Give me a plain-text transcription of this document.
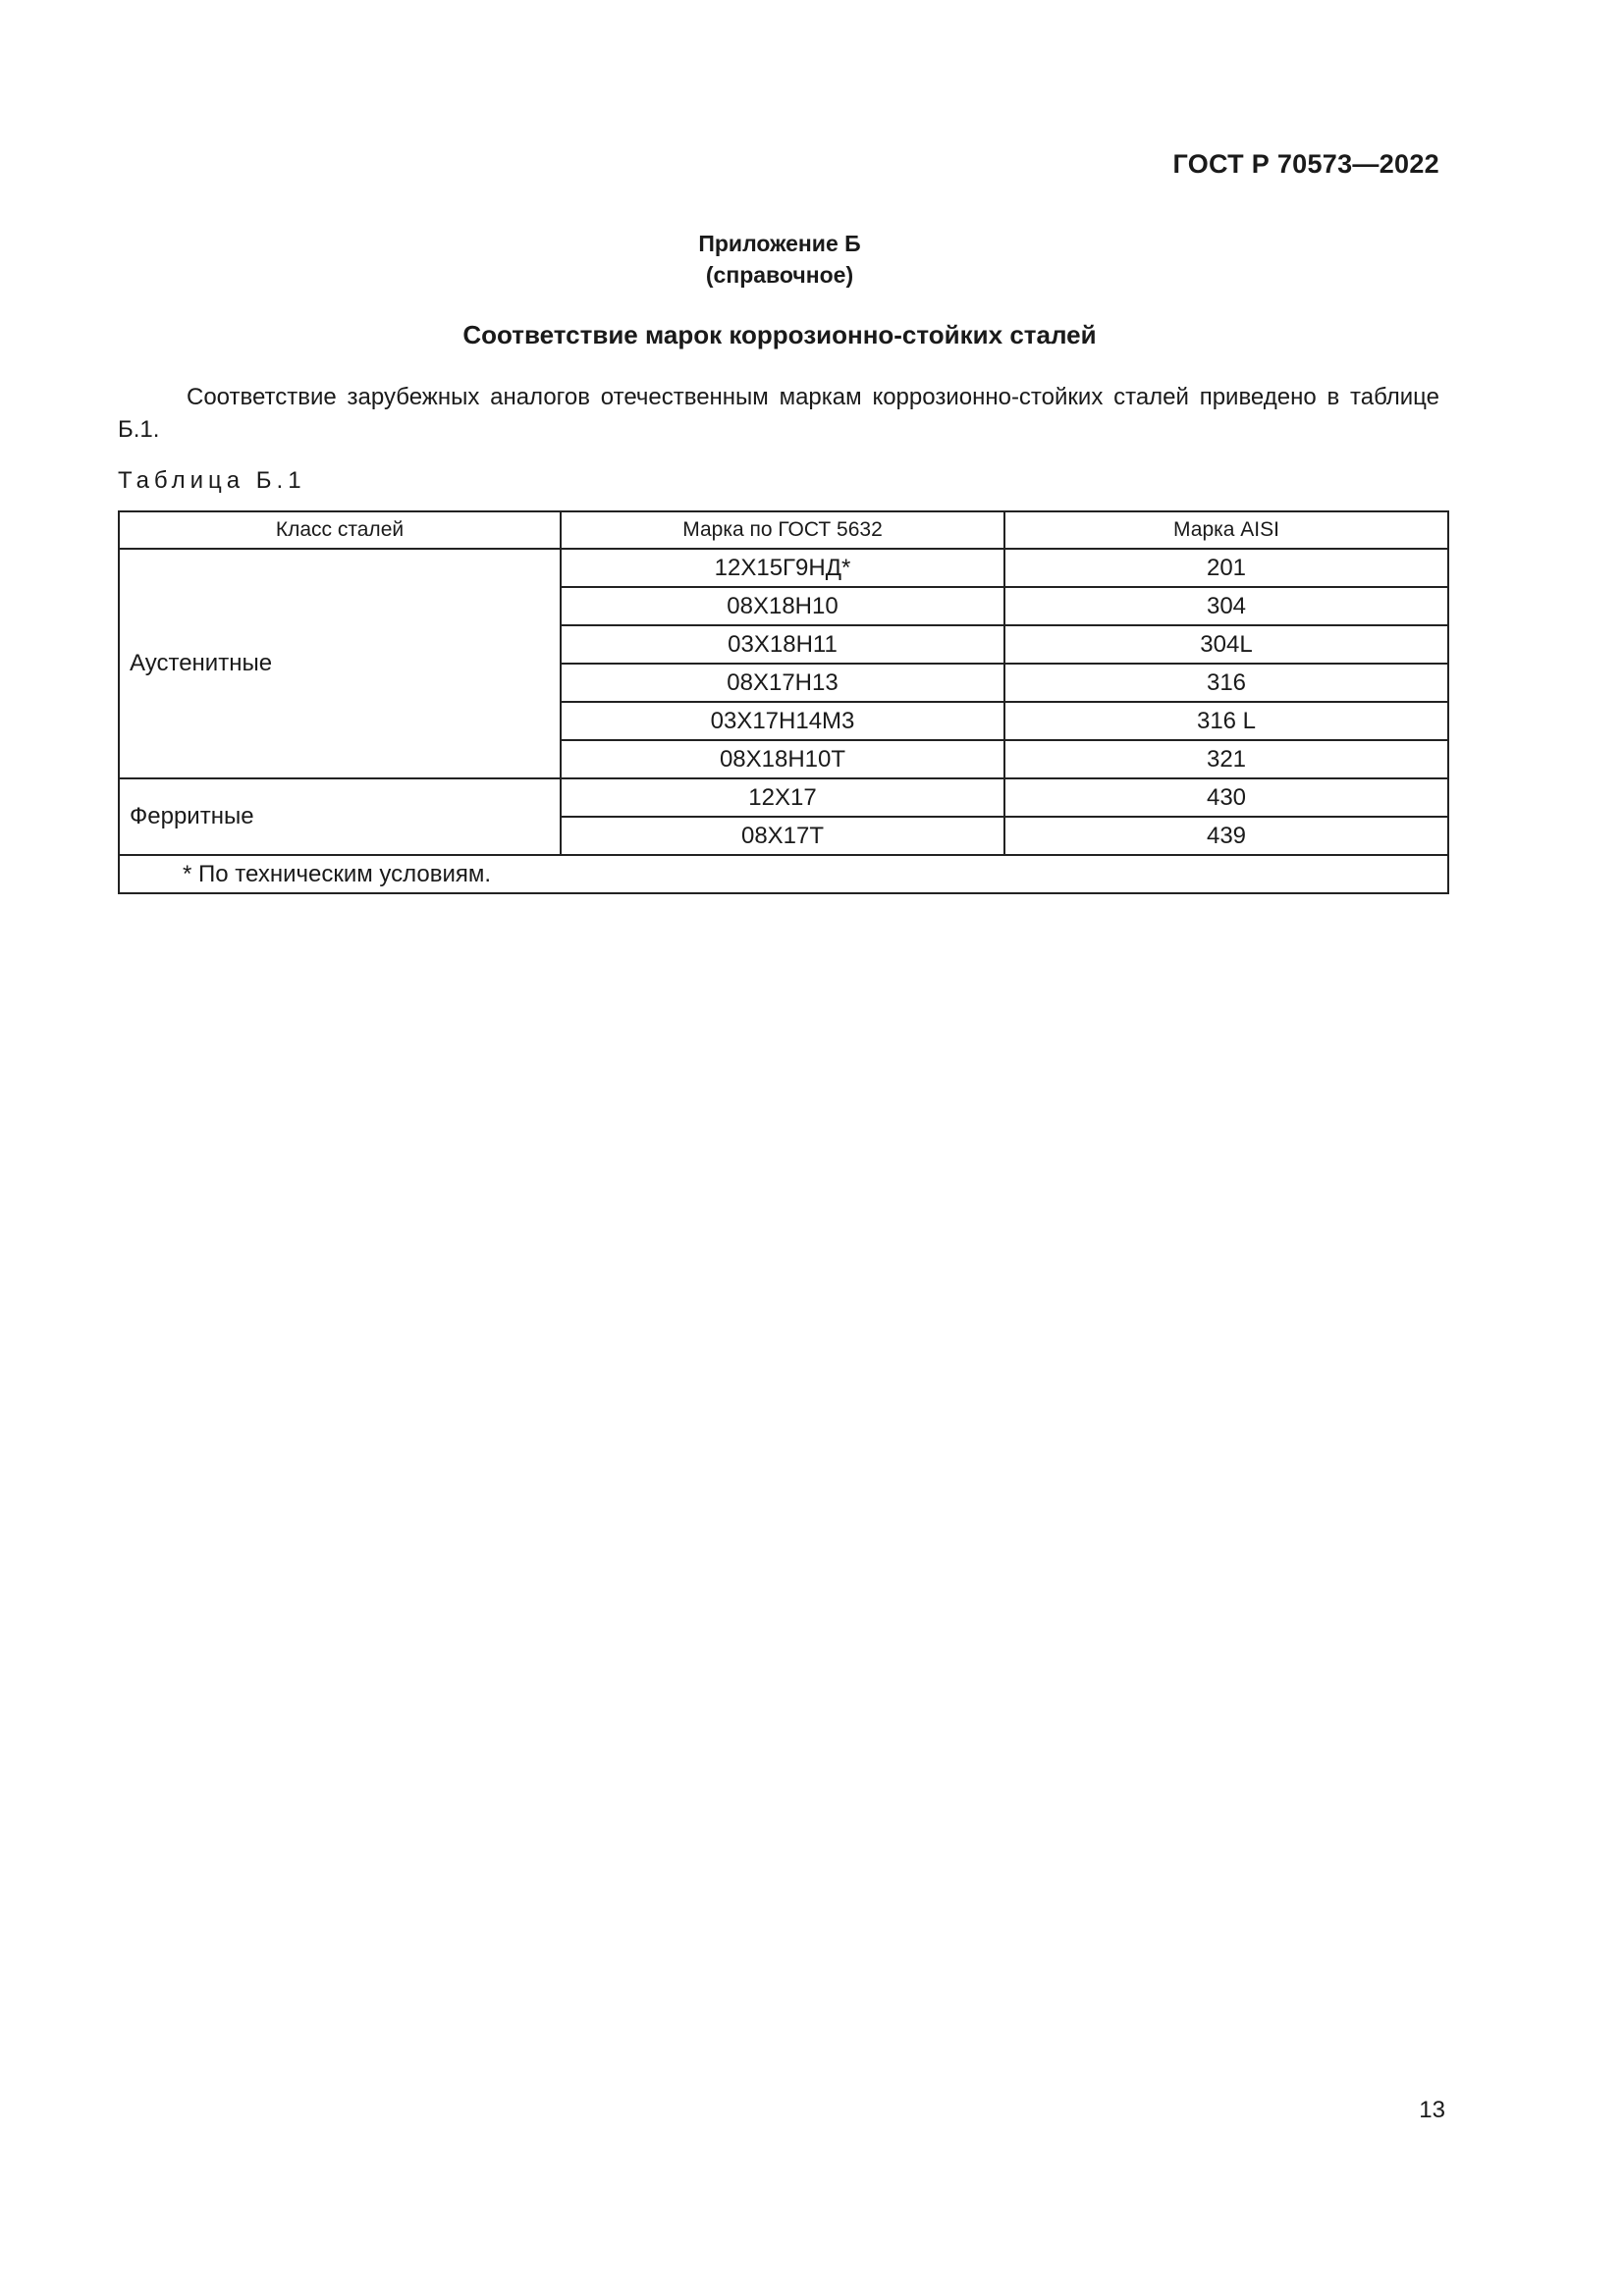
ГОСТ Р 70573—2022
Приложение Б
(справочное)
Соответствие марок коррозионно-стойких сталей
Соответствие зарубежных аналогов отечественным маркам коррозионно-стойких сталей приведено в таблице Б.1.
Таблица Б.1
Класс сталей	Марка по ГОСТ 5632	Марка AISI
Аустенитные	12Х15Г9НД*	201
	08Х18Н10	304
	03Х18Н11	304L
	08Х17Н13	316
	03Х17Н14М3	316 L
	08Х18Н10Т	321
Ферритные	12Х17	430
	08Х17Т	439
* По техническим условиям.		
13
